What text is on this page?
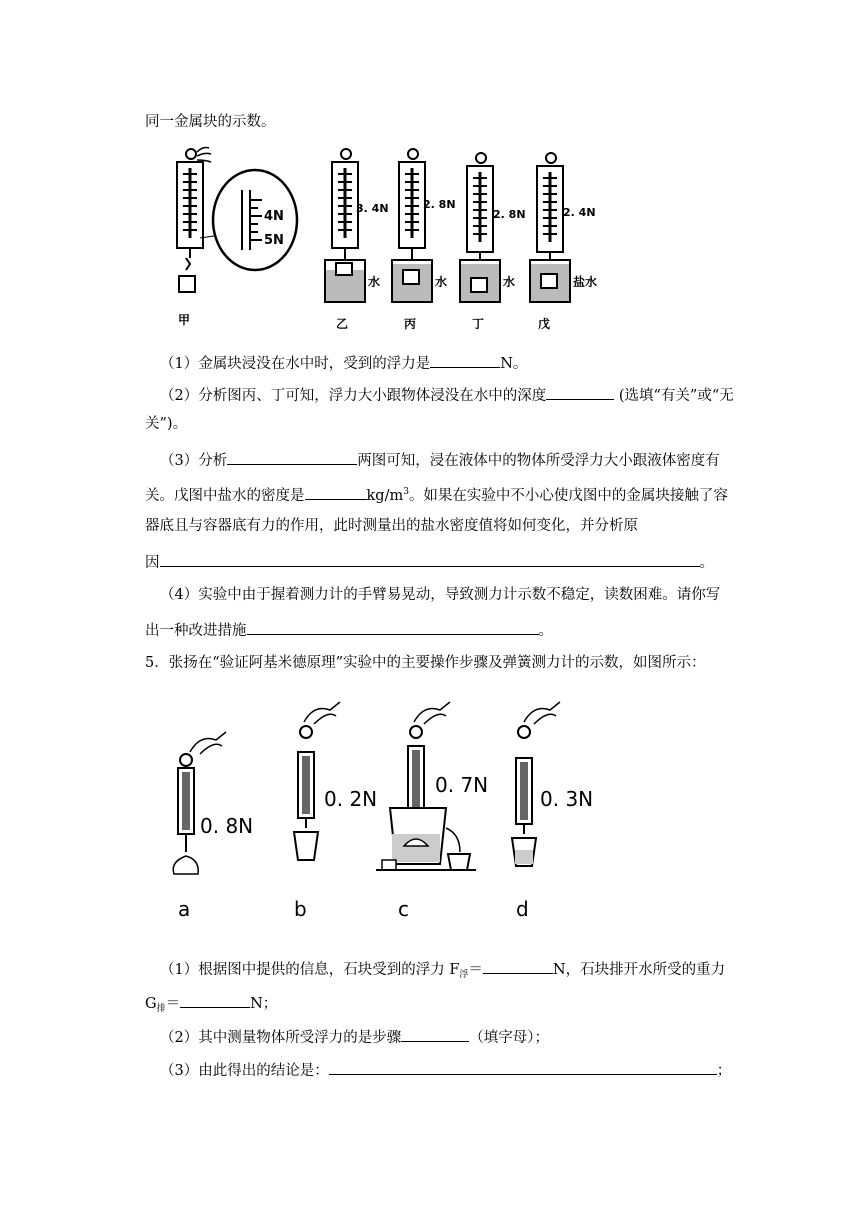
同一金属块的示数。
4N
5N
3. 4N	2. 8N
2. 8N	2. 4N
水	水	水	盐水
甲	乙	丙	丁	戊
（1）金属块浸没在水中时，受到的浮力是	N。
（2）分析图丙、丁可知，浮力大小跟物体浸没在水中的深度	(选填“有关”或“无
关”)。
（3）分析	两图可知，浸在液体中的物体所受浮力大小跟液体密度有
关。戊图中盐水的密度是	$kg/m^3$。如果在实验中不小心使戊图中的金属块接触了容
器底且与容器底有力的作用，此时测量出的盐水密度值将如何变化，并分析原
因	。
（4）实验中由于握着测力计的手臂易晃动，导致测力计示数不稳定，读数困难。请你写
出一种改进措施	。
5．张扬在“验证阿基米德原理”实验中的主要操作步骤及弹簧测力计的示数，如图所示：
0. 8N
0. 2N
0. 7N
0. 3N
a	b	c	d
（1）根据图中提供的信息，石块受到的浮力 $F_浮=$	N，石块排开水所受的重力
$G_排=$	N；
（2）其中测量物体所受浮力的是步骤	（填字母）；
（3）由此得出的结论是：	；
